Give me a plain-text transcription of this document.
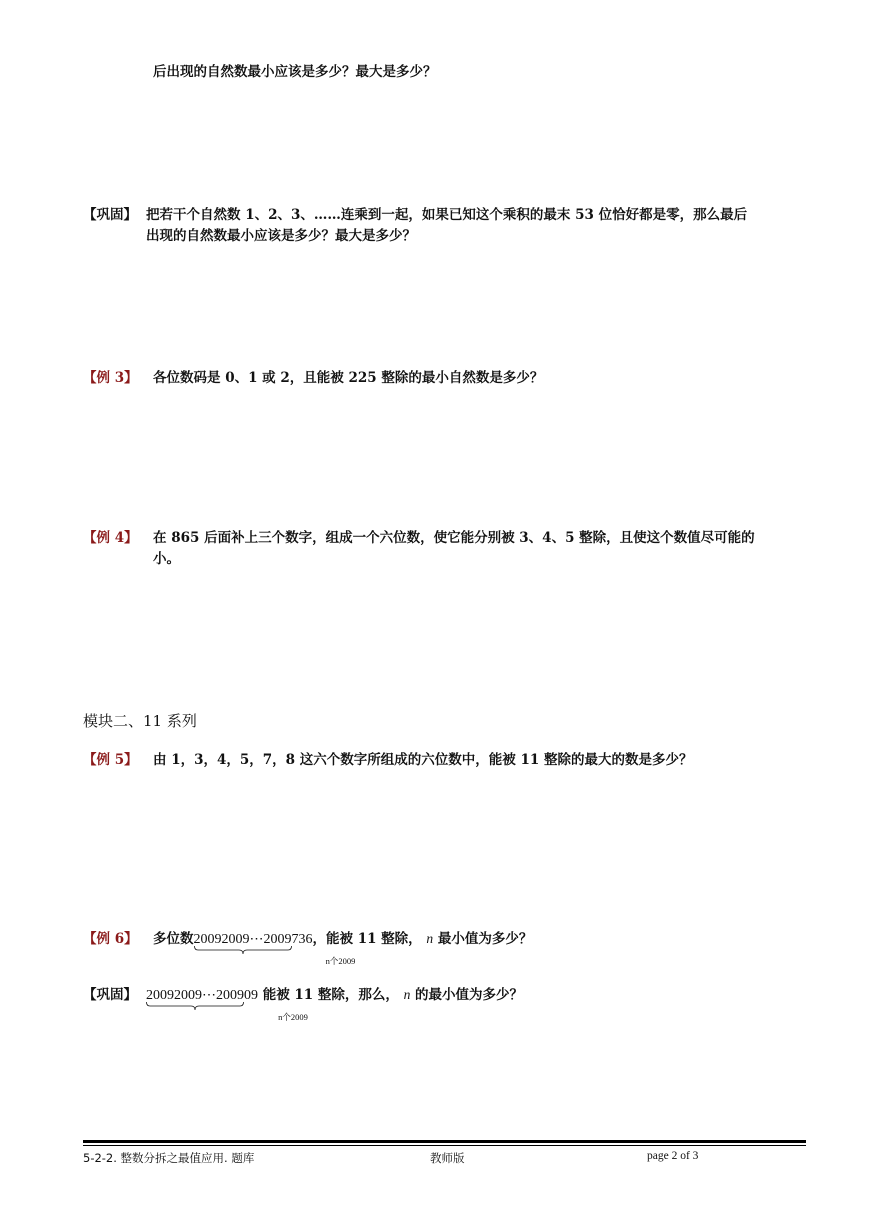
后出现的自然数最小应该是多少？最大是多少？
【巩固】 把若干个自然数 1、2、3、……连乘到一起，如果已知这个乘积的最末 53 位恰好都是零，那么最后
出现的自然数最小应该是多少？最大是多少？
【例 3】 各位数码是 0、1 或 2，且能被 225 整除的最小自然数是多少？
【例 4】 在 865 后面补上三个数字，组成一个六位数，使它能分别被 3、4、5 整除，且使这个数值尽可能的
小。
模块二、11 系列
【例 5】 由 1，3，4，5，7，8 这六个数字所组成的六位数中，能被 11 整除的最大的数是多少？
【例 6】 多位数20092009⋯2009
n个2009
736，能被 11 整除， n 最小值为多少？
【巩固】 20092009⋯2009
n个2009
09 能被 11 整除，那么， n 的最小值为多少？
5-2-2. 整数分拆之最值应用. 题库	教师版	page 2 of 3
